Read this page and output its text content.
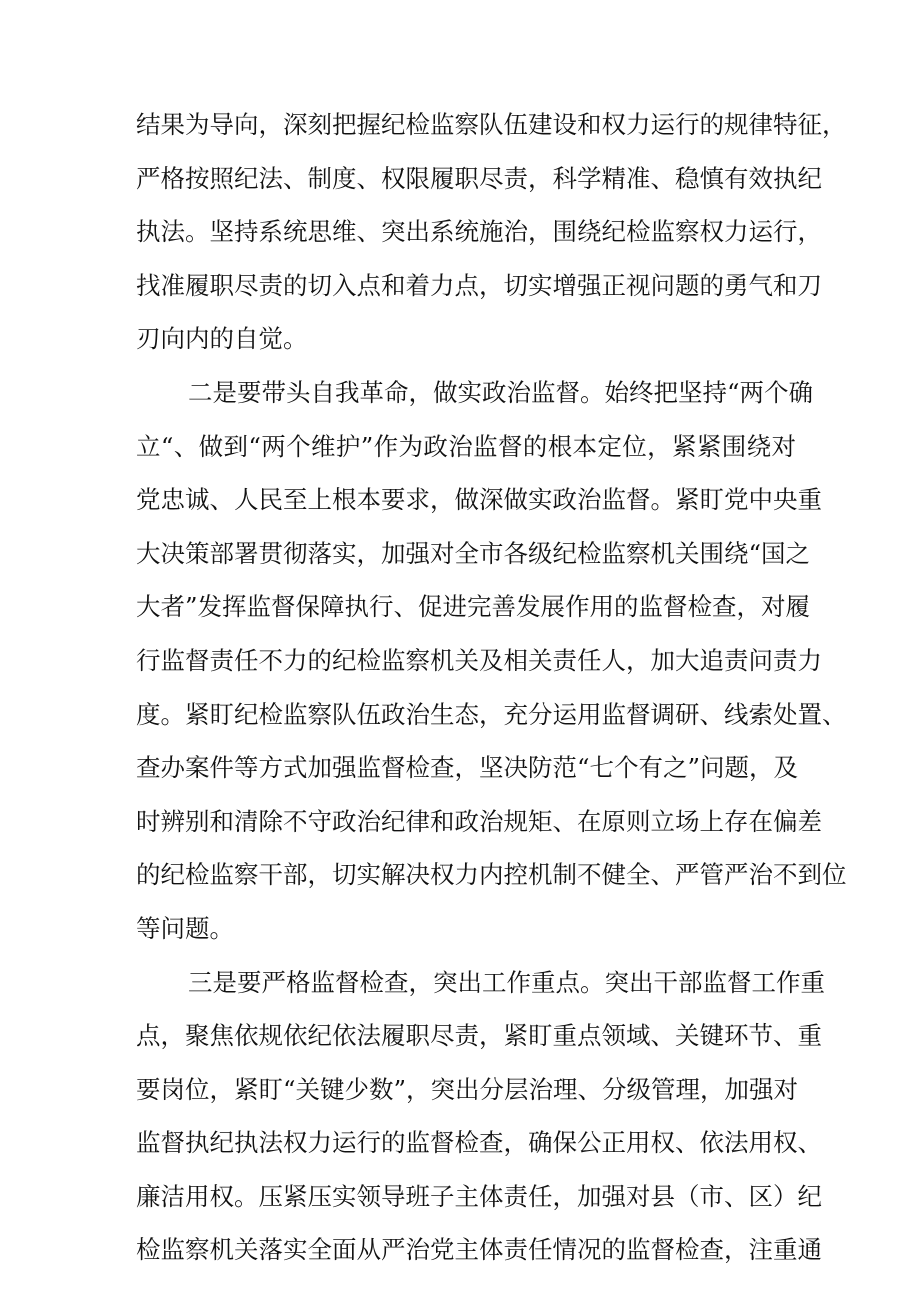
结果为导向，深刻把握纪检监察队伍建设和权力运行的规律特征，
严格按照纪法、制度、权限履职尽责，科学精准、稳慎有效执纪
执法。坚持系统思维、突出系统施治，围绕纪检监察权力运行，
找准履职尽责的切入点和着力点，切实增强正视问题的勇气和刀
刃向内的自觉。
二是要带头自我革命，做实政治监督。始终把坚持“两个确
立“、做到“两个维护”作为政治监督的根本定位，紧紧围绕对
党忠诚、人民至上根本要求，做深做实政治监督。紧盯党中央重
大决策部署贯彻落实，加强对全市各级纪检监察机关围绕“国之
大者”发挥监督保障执行、促进完善发展作用的监督检查，对履
行监督责任不力的纪检监察机关及相关责任人，加大追责问责力
度。紧盯纪检监察队伍政治生态，充分运用监督调研、线索处置、
查办案件等方式加强监督检查，坚决防范“七个有之”问题，及
时辨别和清除不守政治纪律和政治规矩、在原则立场上存在偏差
的纪检监察干部，切实解决权力内控机制不健全、严管严治不到位
等问题。
三是要严格监督检查，突出工作重点。突出干部监督工作重
点，聚焦依规依纪依法履职尽责，紧盯重点领域、关键环节、重
要岗位，紧盯“关键少数”，突出分层治理、分级管理，加强对
监督执纪执法权力运行的监督检查，确保公正用权、依法用权、
廉洁用权。压紧压实领导班子主体责任，加强对县（市、区）纪
检监察机关落实全面从严治党主体责任情况的监督检查，注重通
